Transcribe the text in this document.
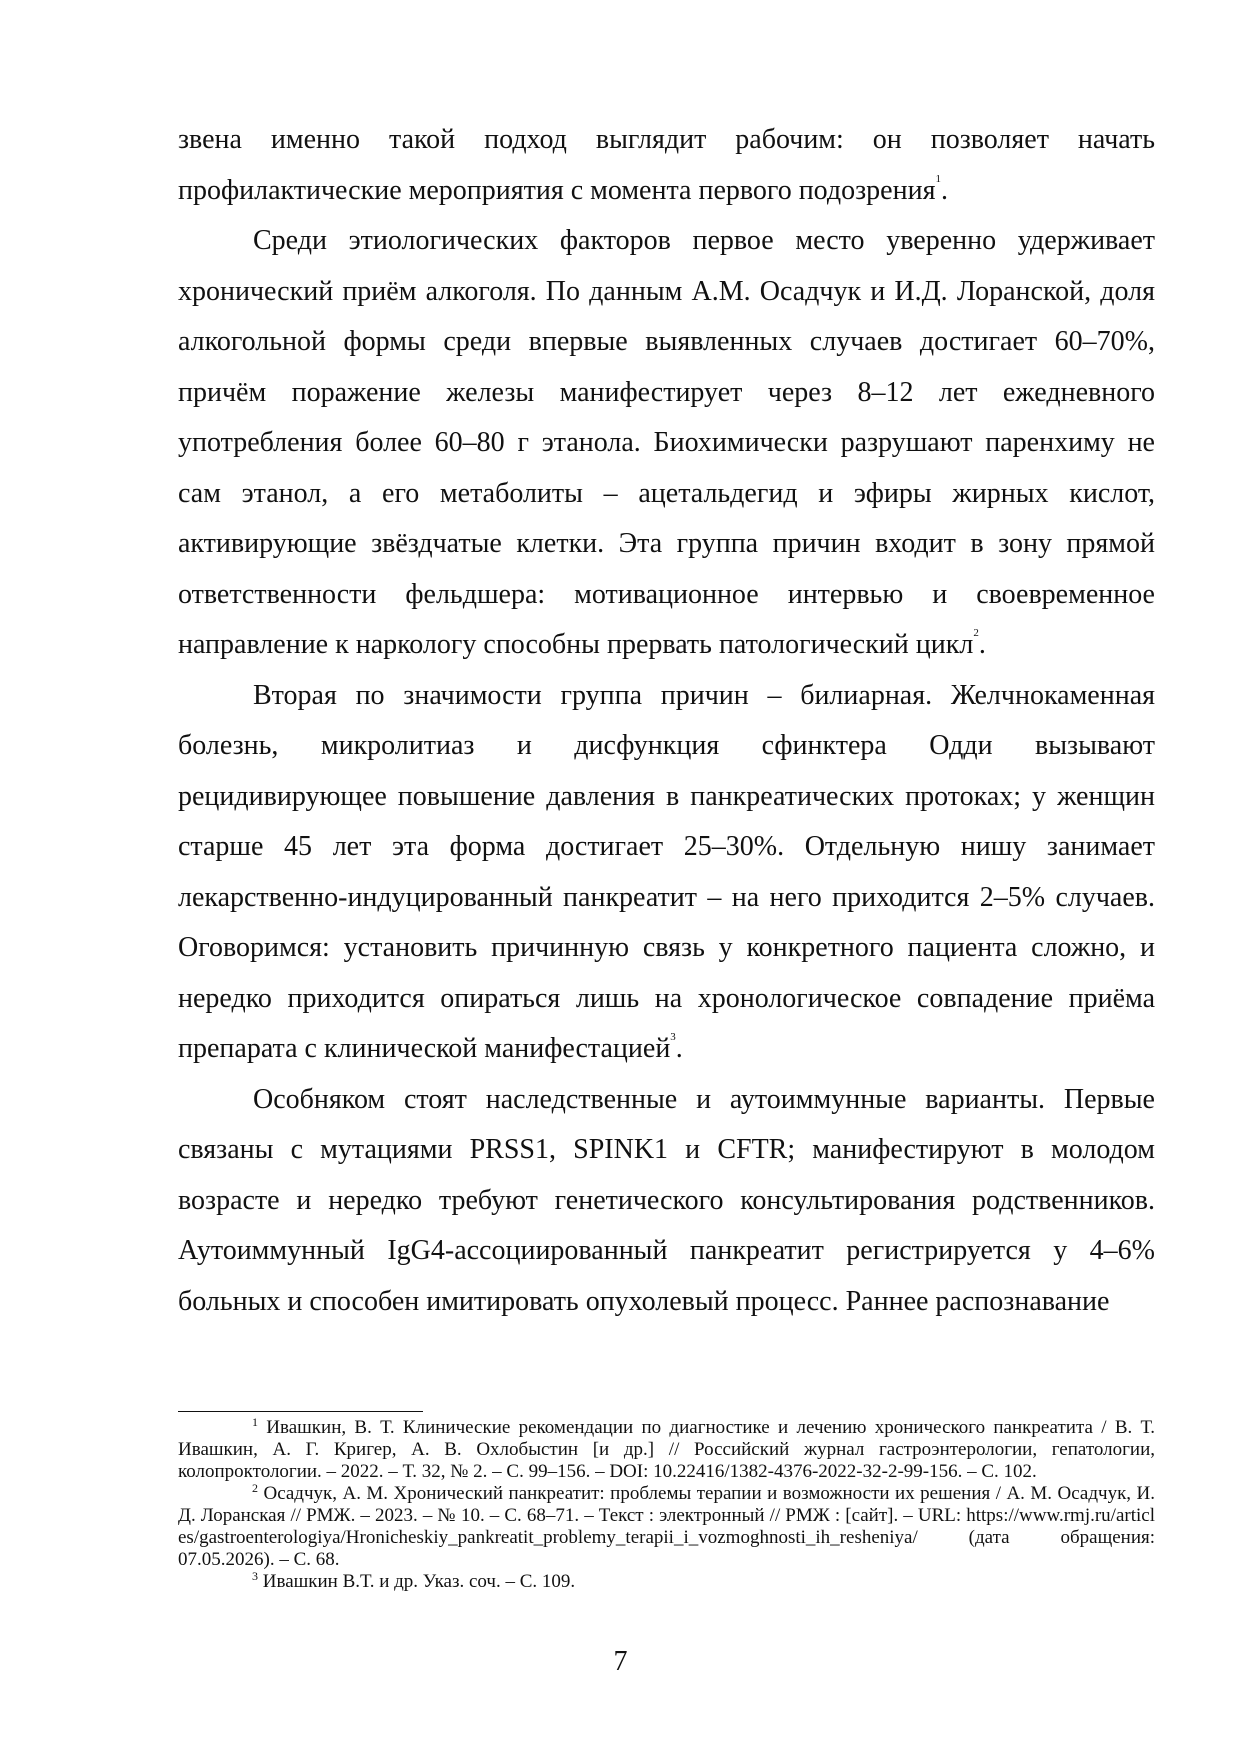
звена именно такой подход выглядит рабочим: он позволяет начать профилактические мероприятия с момента первого подозрения$^1$.

Среди этиологических факторов первое место уверенно удерживает хронический приём алкоголя. По данным А.М. Осадчук и И.Д. Лоранской, доля алкогольной формы среди впервые выявленных случаев достигает 60–70%, причём поражение железы манифестирует через 8–12 лет ежедневного употребления более 60–80 г этанола. Биохимически разрушают паренхиму не сам этанол, а его метаболиты – ацетальдегид и эфиры жирных кислот, активирующие звёздчатые клетки. Эта группа причин входит в зону прямой ответственности фельдшера: мотивационное интервью и своевременное направление к наркологу способны прервать патологический цикл$^2$.

Вторая по значимости группа причин – билиарная. Желчнокаменная болезнь, микролитиаз и дисфункция сфинктера Одди вызывают рецидивирующее повышение давления в панкреатических протоках; у женщин старше 45 лет эта форма достигает 25–30%. Отдельную нишу занимает лекарственно-индуцированный панкреатит – на него приходится 2–5% случаев. Оговоримся: установить причинную связь у конкретного пациента сложно, и нередко приходится опираться лишь на хронологическое совпадение приёма препарата с клинической манифестацией$^3$.

Особняком стоят наследственные и аутоиммунные варианты. Первые связаны с мутациями PRSS1, SPINK1 и CFTR; манифестируют в молодом возрасте и нередко требуют генетического консультирования родственников. Аутоиммунный IgG4-ассоциированный панкреатит регистрируется у 4–6% больных и способен имитировать опухолевый процесс. Раннее распознавание

$^1$ Ивашкин, В. Т. Клинические рекомендации по диагностике и лечению хронического панкреатита / В. Т. Ивашкин, А. Г. Кригер, А. В. Охлобыстин [и др.] // Российский журнал гастроэнтерологии, гепатологии, колопроктологии. – 2022. – Т. 32, № 2. – С. 99–156. – DOI: 10.22416/1382-4376-2022-32-2-99-156. – С. 102.

$^2$ Осадчук, А. М. Хронический панкреатит: проблемы терапии и возможности их решения / А. М. Осадчук, И. Д. Лоранская // РМЖ. – 2023. – № 10. – С. 68–71. – Текст : электронный // РМЖ : [сайт]. – URL: https://www.rmj.ru/articles/gastroenterologiya/Hronicheskiy_pankreatit_problemy_terapii_i_vozmoghnosti_ih_resheniya/ (дата обращения: 07.05.2026). – С. 68.

$^3$ Ивашкин В.Т. и др. Указ. соч. – С. 109.

7
